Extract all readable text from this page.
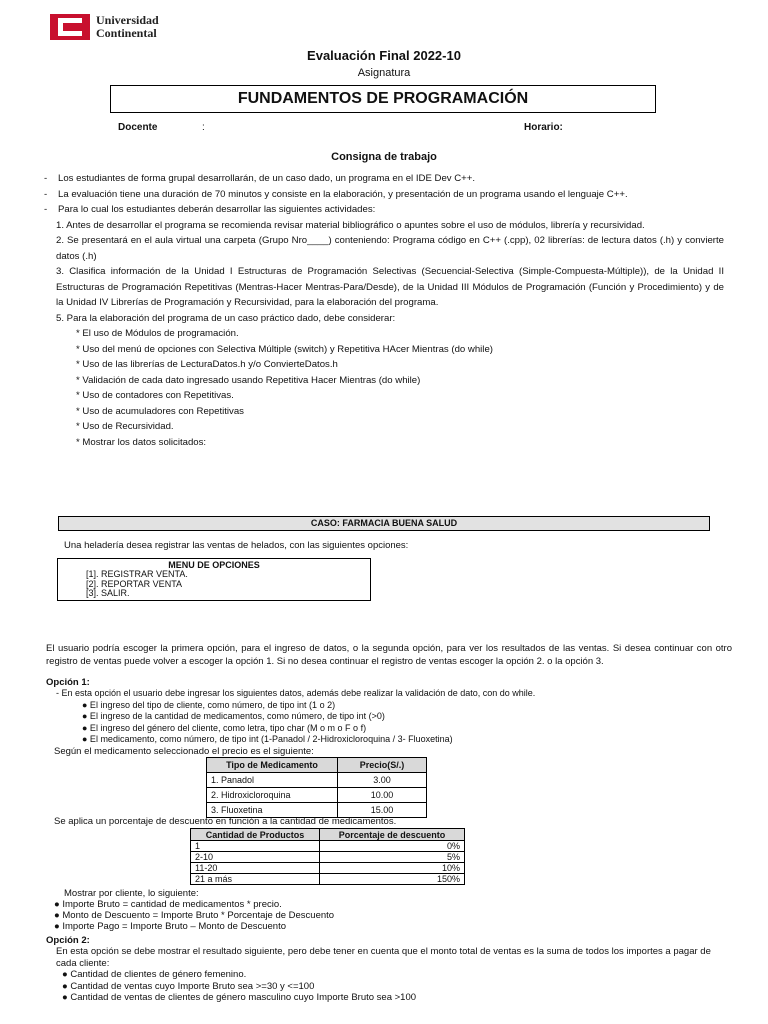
Universidad
Continental
Evaluación Final 2022-10
Asignatura
FUNDAMENTOS DE PROGRAMACIÓN
Docente	:	Horario:
Consigna de trabajo
- Los estudiantes de forma grupal desarrollarán, de un caso dado, un programa en el IDE Dev C++.
- La evaluación tiene una duración de 70 minutos y consiste en la elaboración, y presentación de un programa usando el lenguaje C++.
- Para lo cual los estudiantes deberán desarrollar las siguientes actividades:
1. Antes de desarrollar el programa se recomienda revisar material bibliográfico o apuntes sobre el uso de módulos, librería y recursividad.
2. Se presentará en el aula virtual una carpeta (Grupo Nro____) conteniendo: Programa código en C++ (.cpp), 02 librerías: de lectura datos (.h) y convierte datos (.h)
3. Clasifica información de la Unidad I Estructuras de Programación Selectivas (Secuencial-Selectiva (Simple-Compuesta-Múltiple)), de la Unidad II Estructuras de Programación Repetitivas (Mentras-Hacer Mentras-Para/Desde), de la Unidad III Módulos de Programación (Función y Procedimiento) y de la Unidad IV Librerías de Programación y Recursividad, para la elaboración del programa.
5. Para la elaboración del programa de un caso práctico dado, debe considerar:
* El uso de Módulos de programación.
* Uso del menú de opciones con Selectiva Múltiple (switch) y Repetitiva HAcer Mientras (do while)
* Uso de las librerías de LecturaDatos.h y/o ConvierteDatos.h
* Validación de cada dato ingresado usando Repetitiva Hacer Mientras (do while)
* Uso de contadores con Repetitivas.
* Uso de acumuladores con Repetitivas
* Uso de Recursividad.
* Mostrar los datos solicitados:
CASO: FARMACIA BUENA SALUD
Una heladería desea registrar las ventas de helados, con las siguientes opciones:
MENU DE OPCIONES
[1]. REGISTRAR VENTA.
[2]. REPORTAR VENTA
[3]. SALIR.
El usuario podría escoger la primera opción, para el ingreso de datos, o la segunda opción, para ver los resultados de las ventas. Si desea continuar con otro registro de ventas puede volver a escoger la opción 1. Si no desea continuar el registro de ventas escoger la opción 2. o la opción 3.
Opción 1:
- En esta opción el usuario debe ingresar los siguientes datos, además debe realizar la validación de dato, con do while.
● El ingreso del tipo de cliente, como número, de tipo int (1 o 2)
● El ingreso de la cantidad de medicamentos, como número, de tipo int (>0)
● El ingreso del género del cliente, como letra, tipo char (M o m o F o f)
● El medicamento, como número, de tipo int (1-Panadol / 2-Hidroxicloroquina / 3- Fluoxetina)
Según el medicamento seleccionado el precio es el siguiente:
Tipo de Medicamento	Precio(S/.)
1. Panadol	3.00
2. Hidroxicloroquina	10.00
3. Fluoxetina	15.00
Se aplica un porcentaje de descuento en función a la cantidad de medicamentos.
Cantidad de Productos	Porcentaje de descuento
1	0%
2-10	5%
11-20	10%
21 a más	150%
Mostrar por cliente, lo siguiente:
● Importe Bruto = cantidad de medicamentos * precio.
● Monto de Descuento = Importe Bruto * Porcentaje de Descuento
● Importe Pago = Importe Bruto – Monto de Descuento
Opción 2:
En esta opción se debe mostrar el resultado siguiente, pero debe tener en cuenta que el monto total de ventas es la suma de todos los importes a pagar de cada cliente:
● Cantidad de clientes de género femenino.
● Cantidad de ventas cuyo Importe Bruto sea >=30 y <=100
● Cantidad de ventas de clientes de género masculino cuyo Importe Bruto sea >100
